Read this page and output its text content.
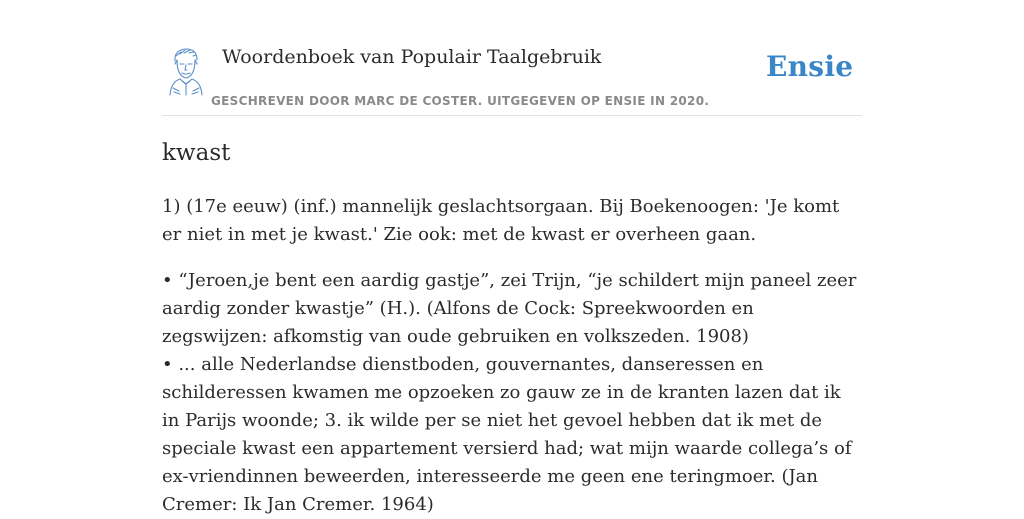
Woordenboek van Populair Taalgebruik	Ensie
GESCHREVEN DOOR MARC DE COSTER. UITGEGEVEN OP ENSIE IN 2020.
kwast

1) (17e eeuw) (inf.) mannelijk geslachtsorgaan. Bij Boekenoogen: 'Je komt er niet in met je kwast.' Zie ook: met de kwast er overheen gaan.

• “Jeroen,je bent een aardig gastje”, zei Trijn, “je schildert mijn paneel zeer aardig zonder kwastje” (H.). (Alfons de Cock: Spreekwoorden en zegswijzen: afkomstig van oude gebruiken en volkszeden. 1908)

• ... alle Nederlandse dienstboden, gouvernantes, danseressen en schilderessen kwamen me opzoeken zo gauw ze in de kranten lazen dat ik in Parijs woonde; 3. ik wilde per se niet het gevoel hebben dat ik met de speciale kwast een appartement versierd had; wat mijn waarde collega’s of ex-vriendinnen beweerden, interesseerde me geen ene teringmoer. (Jan Cremer: Ik Jan Cremer. 1964)
